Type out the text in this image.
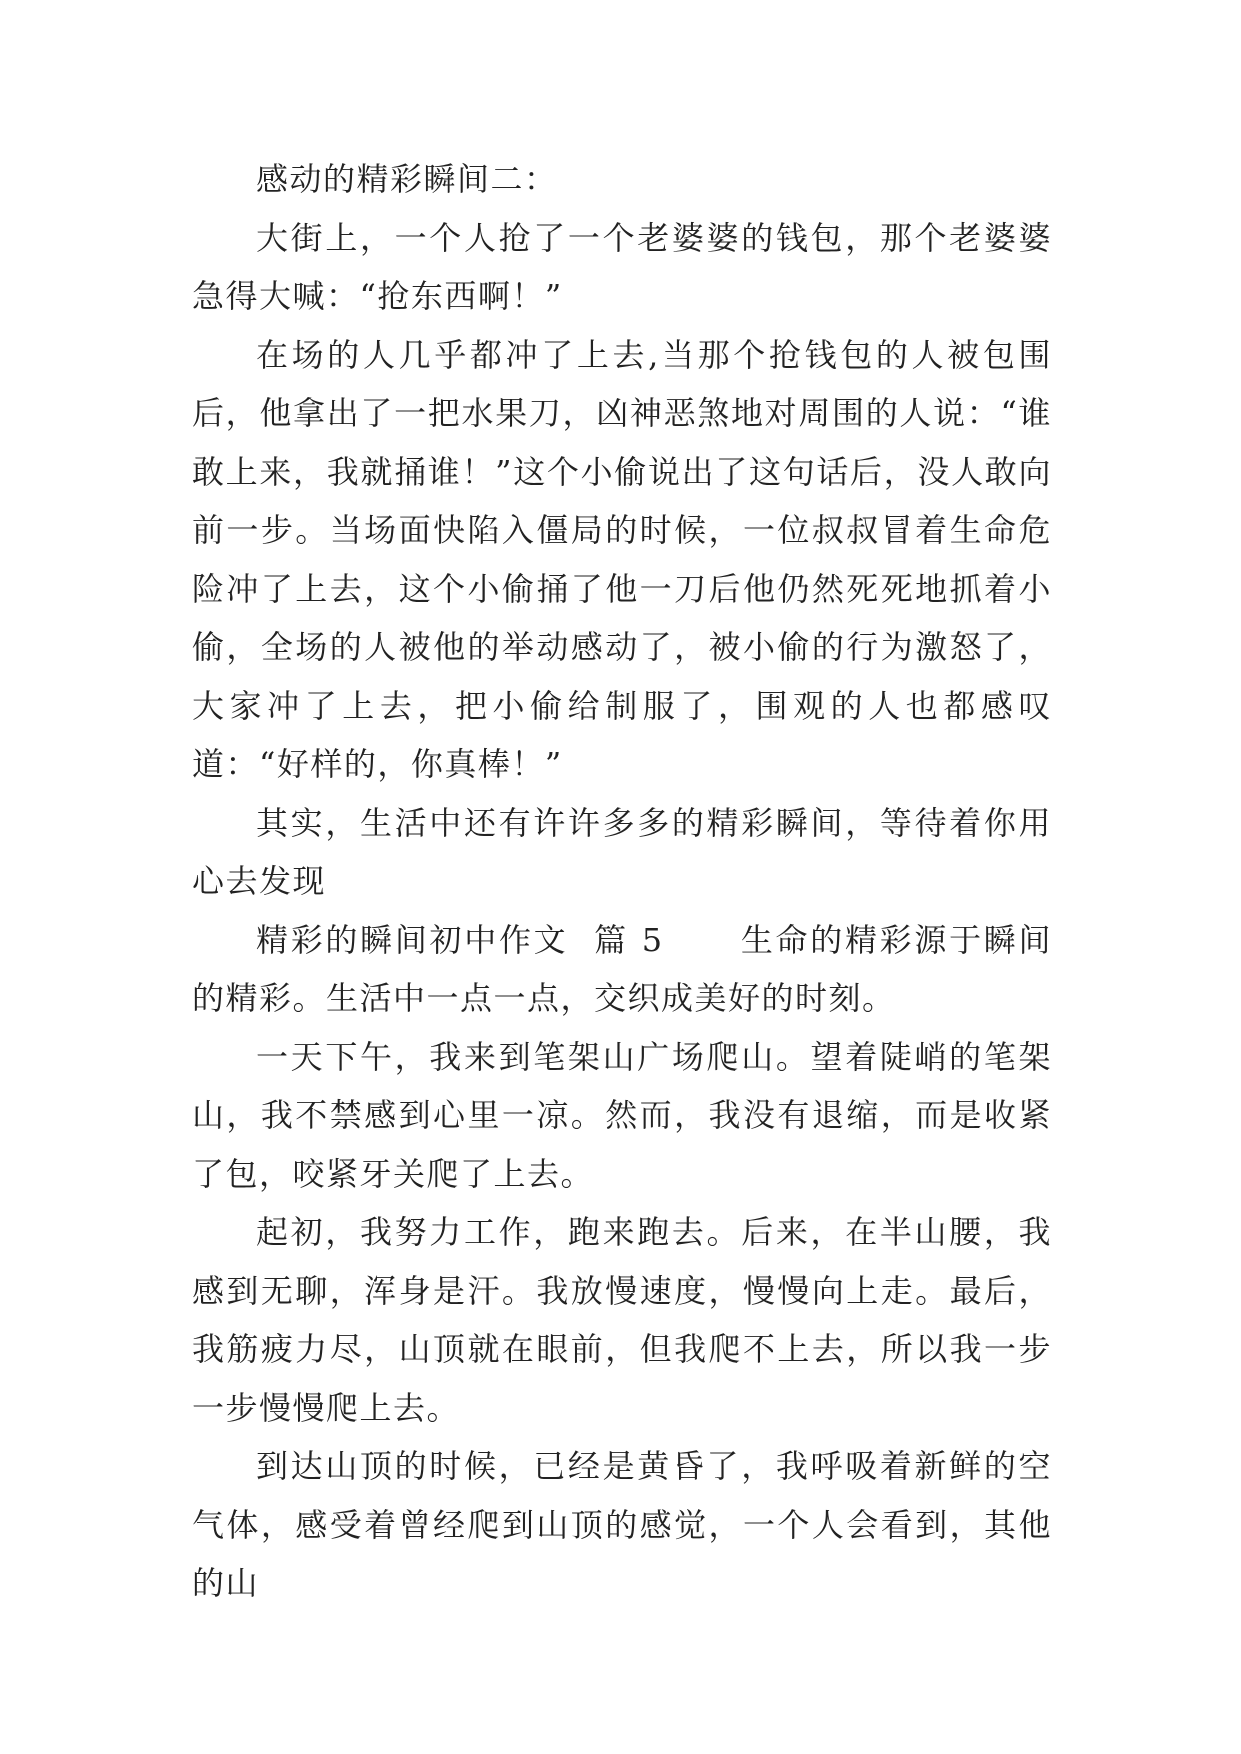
感动的精彩瞬间二：

大街上，一个人抢了一个老婆婆的钱包，那个老婆婆急得大喊：“抢东西啊！”

在场的人几乎都冲了上去,当那个抢钱包的人被包围后，他拿出了一把水果刀，凶神恶煞地对周围的人说：“谁敢上来，我就捅谁！”这个小偷说出了这句话后，没人敢向前一步。当场面快陷入僵局的时候，一位叔叔冒着生命危险冲了上去，这个小偷捅了他一刀后他仍然死死地抓着小偷，全场的人被他的举动感动了，被小偷的行为激怒了，大家冲了上去，把小偷给制服了，围观的人也都感叹道：“好样的，你真棒！”

其实，生活中还有许许多多的精彩瞬间，等待着你用心去发现

精彩的瞬间初中作文  篇 5      生命的精彩源于瞬间的精彩。生活中一点一点，交织成美好的时刻。

一天下午，我来到笔架山广场爬山。望着陡峭的笔架山，我不禁感到心里一凉。然而，我没有退缩，而是收紧了包，咬紧牙关爬了上去。

起初，我努力工作，跑来跑去。后来，在半山腰，我感到无聊，浑身是汗。我放慢速度，慢慢向上走。最后，我筋疲力尽，山顶就在眼前，但我爬不上去，所以我一步一步慢慢爬上去。

到达山顶的时候，已经是黄昏了，我呼吸着新鲜的空气体，感受着曾经爬到山顶的感觉，一个人会看到，其他的山
